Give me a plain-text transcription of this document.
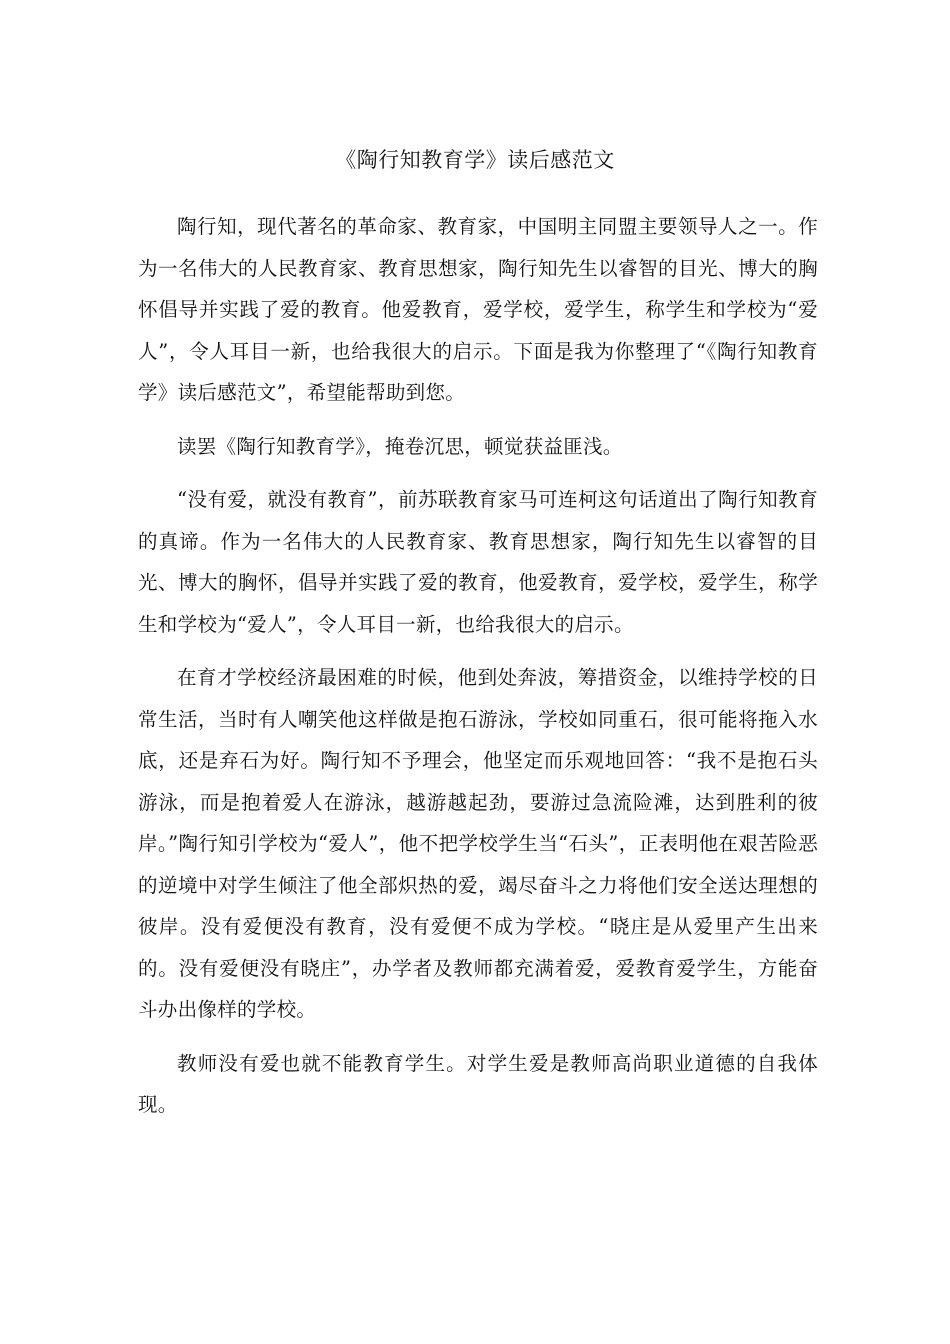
《陶行知教育学》读后感范文

陶行知，现代著名的革命家、教育家，中国明主同盟主要领导人之一。作为一名伟大的人民教育家、教育思想家，陶行知先生以睿智的目光、博大的胸怀倡导并实践了爱的教育。他爱教育，爱学校，爱学生，称学生和学校为“爱人”，令人耳目一新，也给我很大的启示。下面是我为你整理了“《陶行知教育学》读后感范文”，希望能帮助到您。

读罢《陶行知教育学》，掩卷沉思，顿觉获益匪浅。

“没有爱，就没有教育”，前苏联教育家马可连柯这句话道出了陶行知教育的真谛。作为一名伟大的人民教育家、教育思想家，陶行知先生以睿智的目光、博大的胸怀，倡导并实践了爱的教育，他爱教育，爱学校，爱学生，称学生和学校为“爱人”，令人耳目一新，也给我很大的启示。

在育才学校经济最困难的时候，他到处奔波，筹措资金，以维持学校的日常生活，当时有人嘲笑他这样做是抱石游泳，学校如同重石，很可能将拖入水底，还是弃石为好。陶行知不予理会，他坚定而乐观地回答：“我不是抱石头游泳，而是抱着爱人在游泳，越游越起劲，要游过急流险滩，达到胜利的彼岸。”陶行知引学校为“爱人”，他不把学校学生当“石头”，正表明他在艰苦险恶的逆境中对学生倾注了他全部炽热的爱，竭尽奋斗之力将他们安全送达理想的彼岸。没有爱便没有教育，没有爱便不成为学校。“晓庄是从爱里产生出来的。没有爱便没有晓庄”，办学者及教师都充满着爱，爱教育爱学生，方能奋斗办出像样的学校。

教师没有爱也就不能教育学生。对学生爱是教师高尚职业道德的自我体现。
